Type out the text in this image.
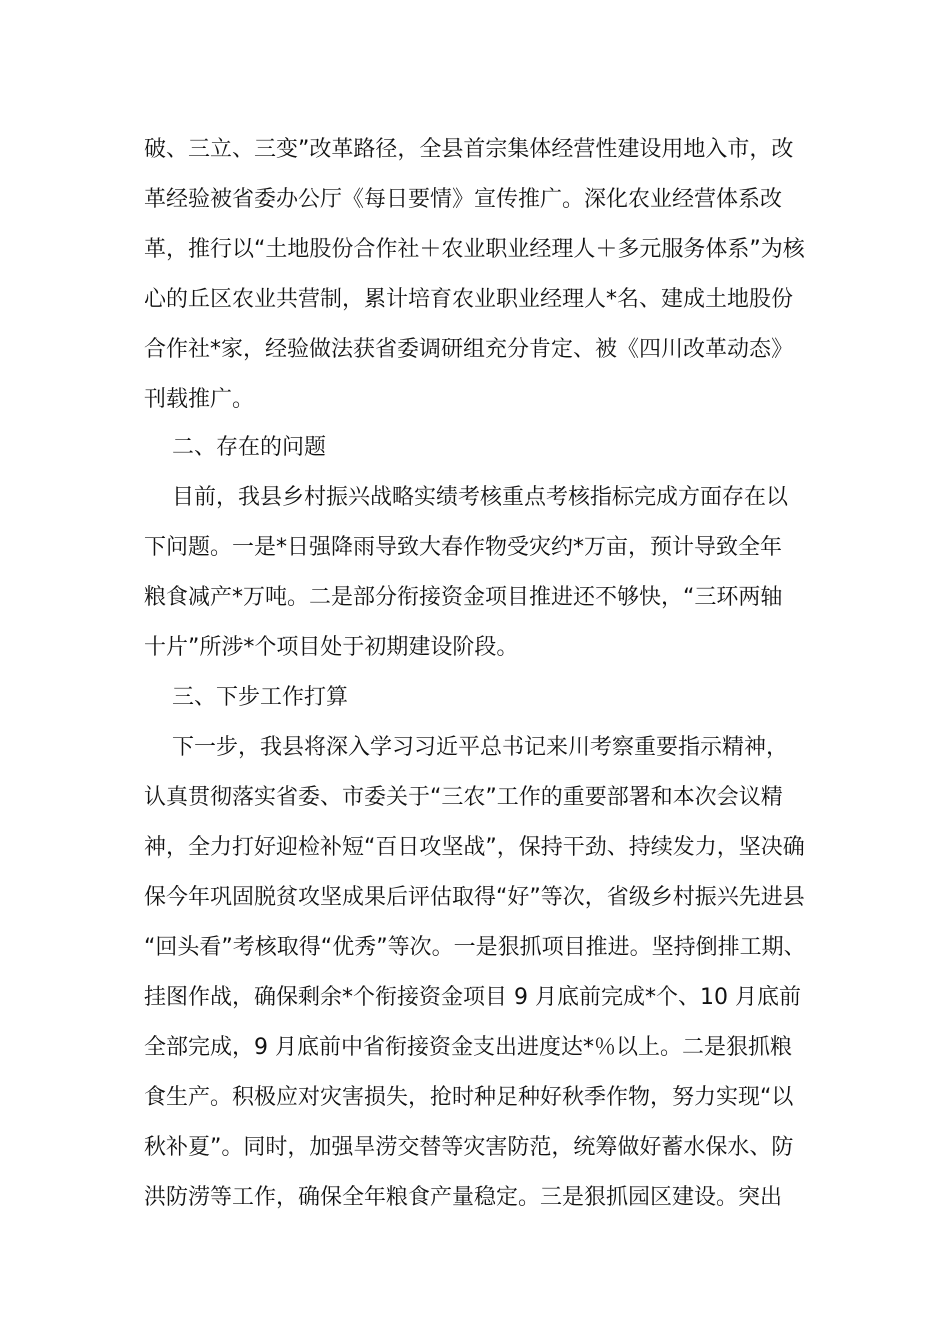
破、三立、三变”改革路径，全县首宗集体经营性建设用地入市，改
革经验被省委办公厅《每日要情》宣传推广。深化农业经营体系改
革，推行以“土地股份合作社＋农业职业经理人＋多元服务体系”为核
心的丘区农业共营制，累计培育农业职业经理人*名、建成土地股份
合作社*家，经验做法获省委调研组充分肯定、被《四川改革动态》
刊载推广。
二、存在的问题
目前，我县乡村振兴战略实绩考核重点考核指标完成方面存在以
下问题。一是*日强降雨导致大春作物受灾约*万亩，预计导致全年
粮食减产*万吨。二是部分衔接资金项目推进还不够快，“三环两轴
十片”所涉*个项目处于初期建设阶段。
三、下步工作打算
下一步，我县将深入学习习近平总书记来川考察重要指示精神，
认真贯彻落实省委、市委关于“三农”工作的重要部署和本次会议精
神，全力打好迎检补短“百日攻坚战”，保持干劲、持续发力，坚决确
保今年巩固脱贫攻坚成果后评估取得“好”等次，省级乡村振兴先进县
“回头看”考核取得“优秀”等次。一是狠抓项目推进。坚持倒排工期、
挂图作战，确保剩余*个衔接资金项目 9 月底前完成*个、10 月底前
全部完成，9 月底前中省衔接资金支出进度达*％以上。二是狠抓粮
食生产。积极应对灾害损失，抢时种足种好秋季作物，努力实现“以
秋补夏”。同时，加强旱涝交替等灾害防范，统筹做好蓄水保水、防
洪防涝等工作，确保全年粮食产量稳定。三是狠抓园区建设。突出
